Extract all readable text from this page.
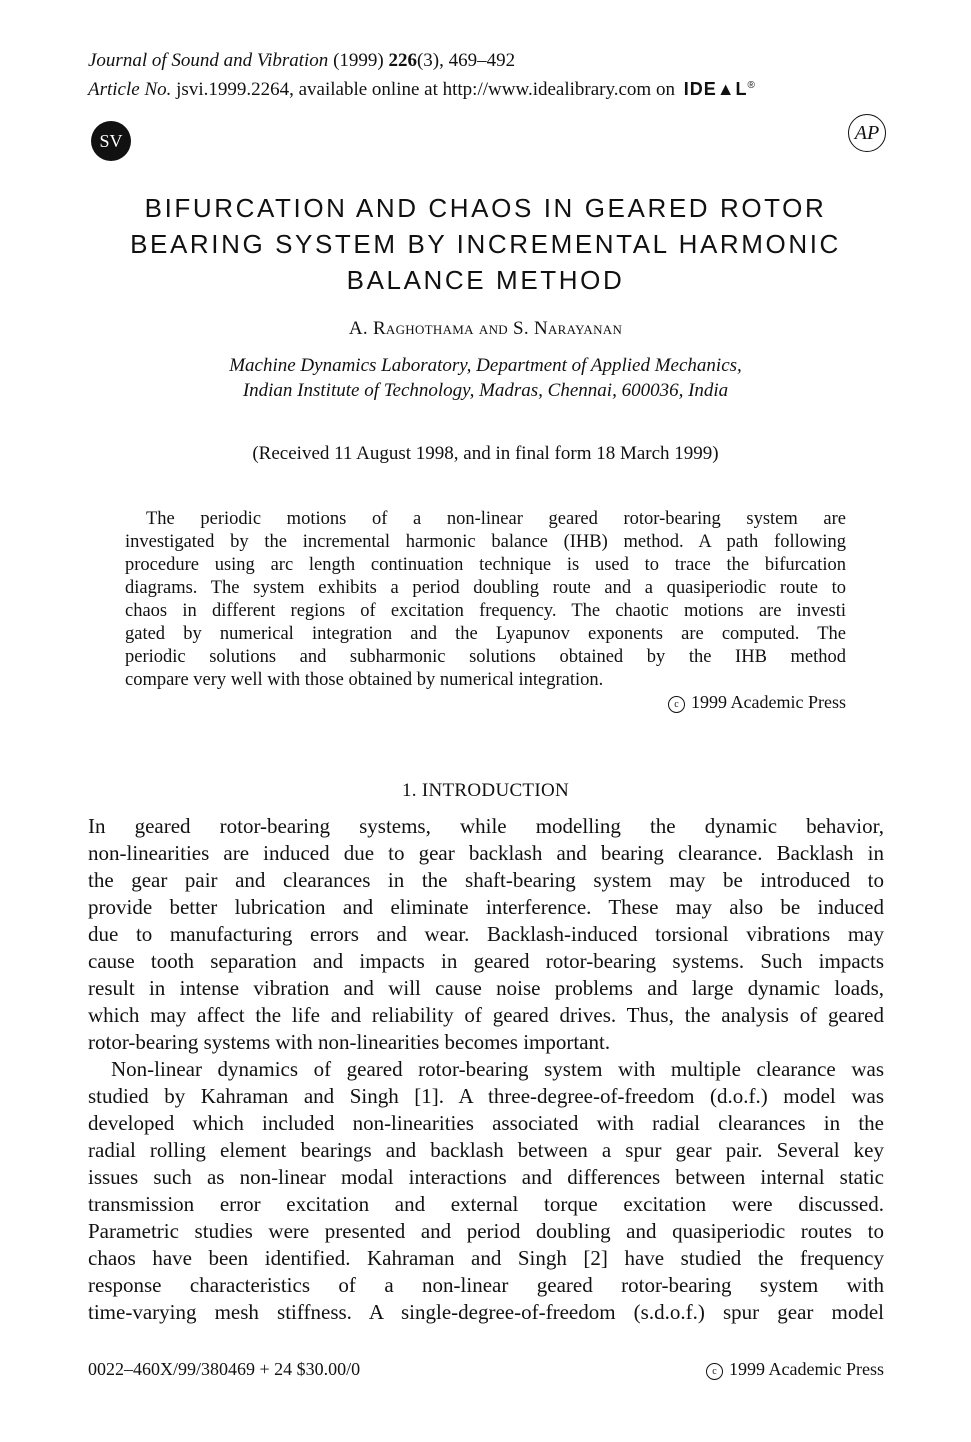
Journal of Sound and Vibration (1999) 226(3), 469–492
Article No. jsvi.1999.2264, available online at http://www.idealibrary.com on IDE▲L®
SV	AP
BIFURCATION AND CHAOS IN GEARED ROTOR
BEARING SYSTEM BY INCREMENTAL HARMONIC
BALANCE METHOD
A. Raghothama and S. Narayanan
Machine Dynamics Laboratory, Department of Applied Mechanics,
Indian Institute of Technology, Madras, Chennai, 600036, India
(Received 11 August 1998, and in final form 18 March 1999)
The periodic motions of a non-linear geared rotor-bearing system are
investigated by the incremental harmonic balance (IHB) method. A path following
procedure using arc length continuation technique is used to trace the bifurcation
diagrams. The system exhibits a period doubling route and a quasiperiodic route to
chaos in different regions of excitation frequency. The chaotic motions are investi
gated by numerical integration and the Lyapunov exponents are computed. The
periodic solutions and subharmonic solutions obtained by the IHB method
compare very well with those obtained by numerical integration.
c 1999 Academic Press
1. INTRODUCTION
In geared rotor-bearing systems, while modelling the dynamic behavior,
non-linearities are induced due to gear backlash and bearing clearance. Backlash in
the gear pair and clearances in the shaft-bearing system may be introduced to
provide better lubrication and eliminate interference. These may also be induced
due to manufacturing errors and wear. Backlash-induced torsional vibrations may
cause tooth separation and impacts in geared rotor-bearing systems. Such impacts
result in intense vibration and will cause noise problems and large dynamic loads,
which may affect the life and reliability of geared drives. Thus, the analysis of geared
rotor-bearing systems with non-linearities becomes important.
Non-linear dynamics of geared rotor-bearing system with multiple clearance was
studied by Kahraman and Singh [1]. A three-degree-of-freedom (d.o.f.) model was
developed which included non-linearities associated with radial clearances in the
radial rolling element bearings and backlash between a spur gear pair. Several key
issues such as non-linear modal interactions and differences between internal static
transmission error excitation and external torque excitation were discussed.
Parametric studies were presented and period doubling and quasiperiodic routes to
chaos have been identified. Kahraman and Singh [2] have studied the frequency
response characteristics of a non-linear geared rotor-bearing system with
time-varying mesh stiffness. A single-degree-of-freedom (s.d.o.f.) spur gear model
0022–460X/99/380469 + 24 $30.00/0	c 1999 Academic Press
